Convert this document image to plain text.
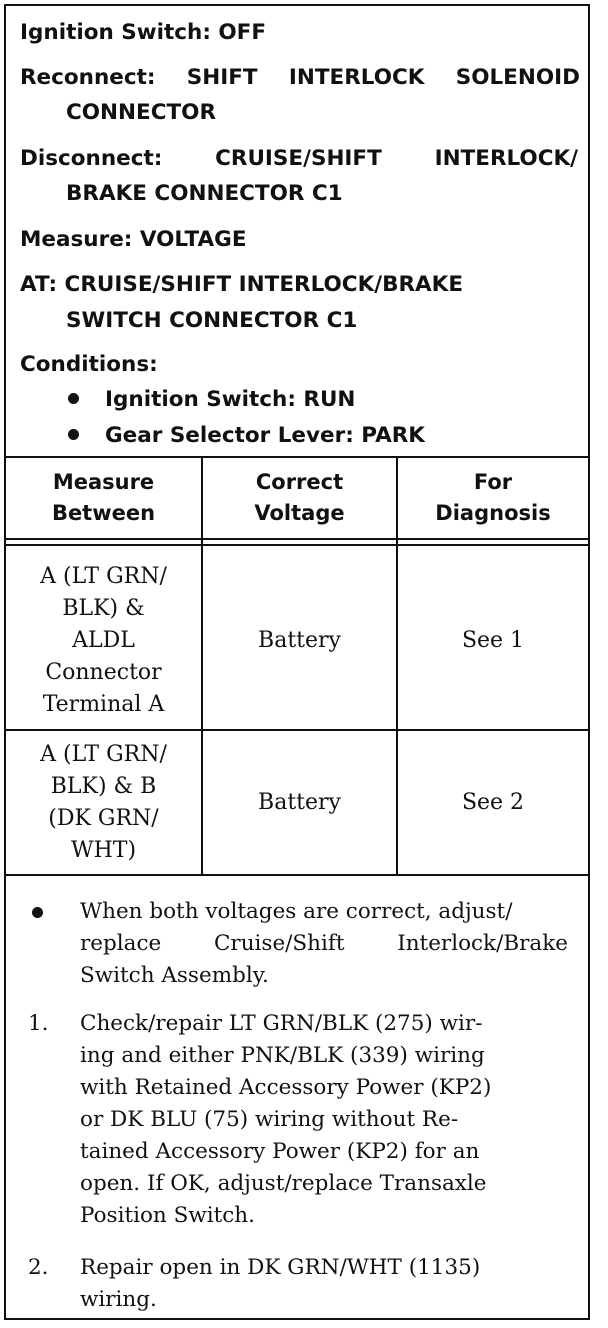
Ignition Switch: OFF
Reconnect: SHIFT INTERLOCK SOLENOID
CONNECTOR
Disconnect: CRUISE/SHIFT INTERLOCK/
BRAKE CONNECTOR C1
Measure: VOLTAGE
AT: CRUISE/SHIFT INTERLOCK/BRAKE
SWITCH CONNECTOR C1
Conditions:
Ignition Switch: RUN
Gear Selector Lever: PARK
Measure
Between
Correct
Voltage
For
Diagnosis
A (LT GRN/
BLK) &
ALDL
Connector
Terminal A
Battery	See 1
A (LT GRN/
BLK) & B
(DK GRN/
WHT)
Battery	See 2
When both voltages are correct, adjust/
replace Cruise/Shift Interlock/Brake
Switch Assembly.
1. Check/repair LT GRN/BLK (275) wir-
ing and either PNK/BLK (339) wiring
with Retained Accessory Power (KP2)
or DK BLU (75) wiring without Re-
tained Accessory Power (KP2) for an
open. If OK, adjust/replace Transaxle
Position Switch.
2. Repair open in DK GRN/WHT (1135)
wiring.
